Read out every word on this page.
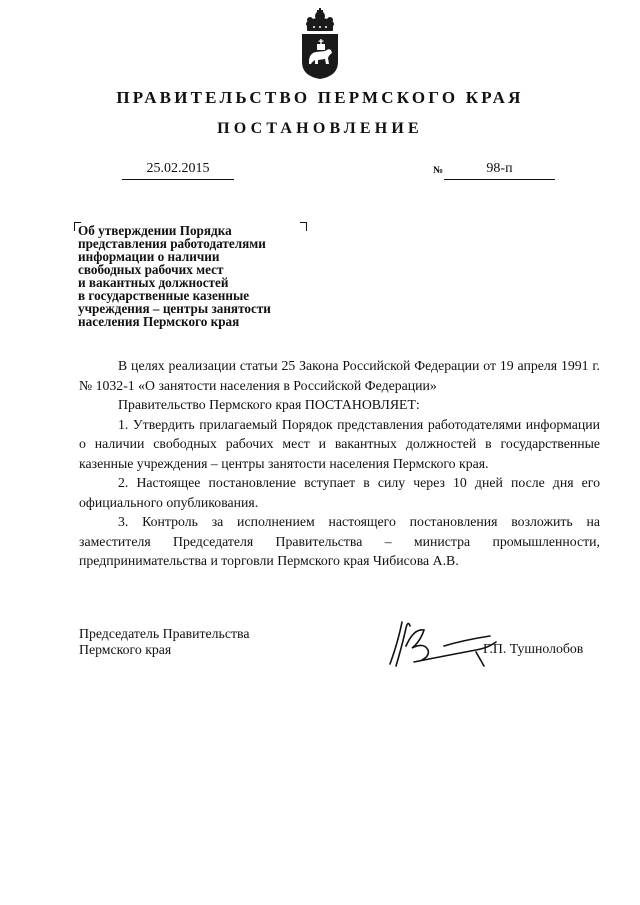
ПРАВИТЕЛЬСТВО ПЕРМСКОГО КРАЯ
ПОСТАНОВЛЕНИЕ
25.02.2015	№	98-п
Об утверждении Порядка
представления работодателями
информации о наличии
свободных рабочих мест
и вакантных должностей
в государственные казенные
учреждения – центры занятости
населения Пермского края

В целях реализации статьи 25 Закона Российской Федерации от 19 апреля 1991 г. № 1032-1 «О занятости населения в Российской Федерации»

Правительство Пермского края ПОСТАНОВЛЯЕТ:

1. Утвердить прилагаемый Порядок представления работодателями информации о наличии свободных рабочих мест и вакантных должностей в государственные казенные учреждения – центры занятости населения Пермского края.

2. Настоящее постановление вступает в силу через 10 дней после дня его официального опубликования.

3. Контроль за исполнением настоящего постановления возложить на заместителя Председателя Правительства – министра промышленности, предпринимательства и торговли Пермского края Чибисова А.В.

Председатель Правительства
Пермского края	Г.П. Тушнолобов
